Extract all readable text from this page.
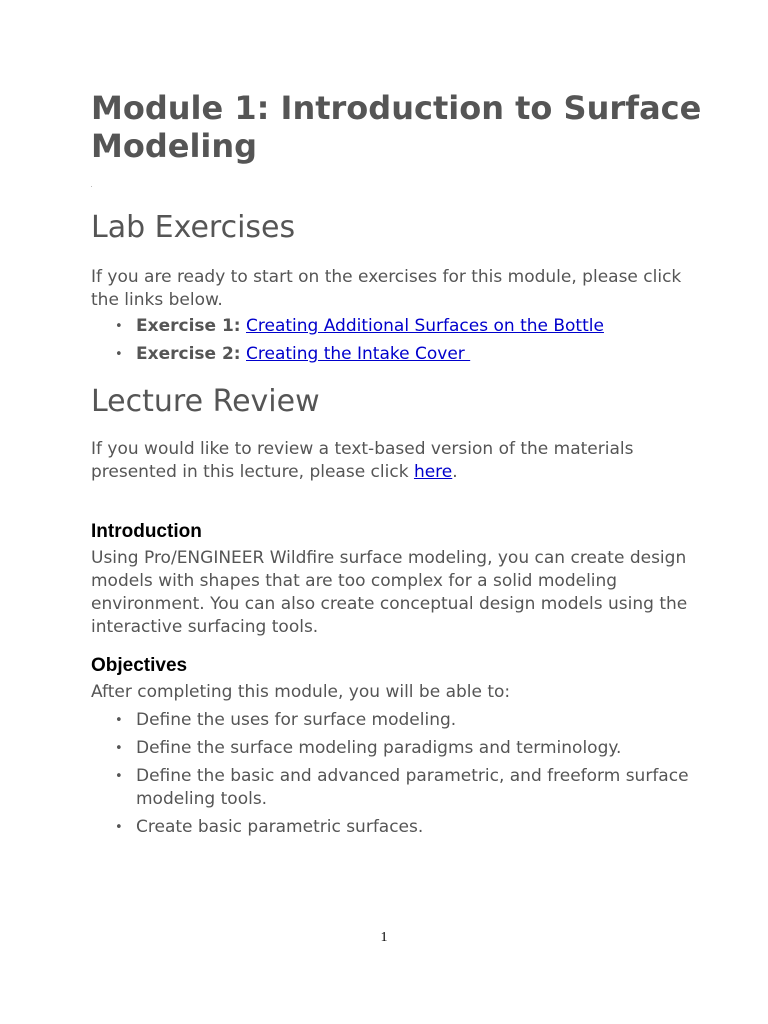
Module 1: Introduction to Surface Modeling
Lab Exercises

If you are ready to start on the exercises for this module, please click the links below.

• Exercise 1: Creating Additional Surfaces on the Bottle
• Exercise 2: Creating the Intake Cover
Lecture Review

If you would like to review a text-based version of the materials presented in this lecture, please click here.

Introduction

Using Pro/ENGINEER Wildfire surface modeling, you can create design models with shapes that are too complex for a solid modeling environment. You can also create conceptual design models using the interactive surfacing tools.

Objectives

After completing this module, you will be able to:

• Define the uses for surface modeling.
• Define the surface modeling paradigms and terminology.
• Define the basic and advanced parametric, and freeform surface modeling tools.
• Create basic parametric surfaces.
1
